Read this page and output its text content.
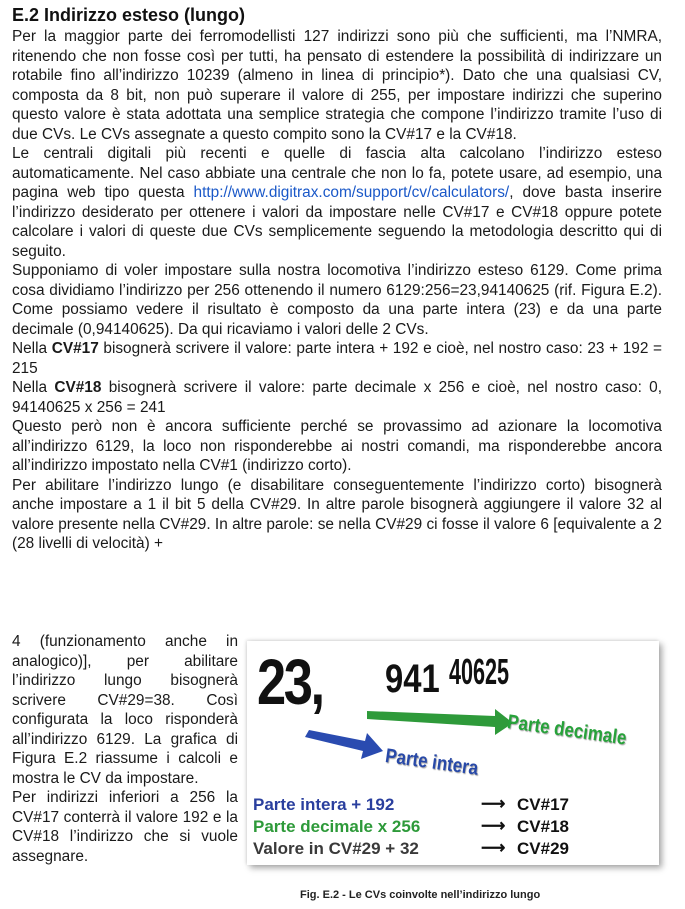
E.2 Indirizzo esteso (lungo)

Per la maggior parte dei ferromodellisti 127 indirizzi sono più che sufficienti, ma l’NMRA, ritenendo che non fosse così per tutti, ha pensato di estendere la possibilità di indirizzare un rotabile fino all’indirizzo 10239 (almeno in linea di principio*). Dato che una qualsiasi CV, composta da 8 bit, non può superare il valore di 255, per impostare indirizzi che superino questo valore è stata adottata una semplice strategia che compone l’indirizzo tramite l’uso di due CVs. Le CVs assegnate a questo compito sono la CV#17 e la CV#18.

Le centrali digitali più recenti e quelle di fascia alta calcolano l’indirizzo esteso automaticamente. Nel caso abbiate una centrale che non lo fa, potete usare, ad esempio, una pagina web tipo questa http://www.digitrax.com/support/cv/calculators/, dove basta inserire l’indirizzo desiderato per ottenere i valori da impostare nelle CV#17 e CV#18 oppure potete calcolare i valori di queste due CVs semplicemente seguendo la metodologia descritto qui di seguito.

Supponiamo di voler impostare sulla nostra locomotiva l’indirizzo esteso 6129. Come prima cosa dividiamo l’indirizzo per 256 ottenendo il numero 6129:256=23,94140625 (rif. Figura E.2). Come possiamo vedere il risultato è composto da una parte intera (23) e da una parte decimale (0,94140625). Da qui ricaviamo i valori delle 2 CVs.

Nella CV#17 bisognerà scrivere il valore: parte intera + 192 e cioè, nel nostro caso: 23 + 192 = 215

Nella CV#18 bisognerà scrivere il valore: parte decimale x 256 e cioè, nel nostro caso: 0, 94140625 x 256 = 241

Questo però non è ancora sufficiente perché se provassimo ad azionare la locomotiva all’indirizzo 6129, la loco non risponderebbe ai nostri comandi, ma risponderebbe ancora all’indirizzo impostato nella CV#1 (indirizzo corto).

Per abilitare l’indirizzo lungo (e disabilitare conseguentemente l’indirizzo corto) bisognerà anche impostare a 1 il bit 5 della CV#29. In altre parole bisognerà aggiungere il valore 32 al valore presente nella CV#29. In altre parole: se nella CV#29 ci fosse il valore 6 [equivalente a 2 (28 livelli di velocità) +

4 (funzionamento anche in analogico)], per abilitare l’indirizzo lungo bisognerà scrivere CV#29=38. Così configurata la loco risponderà all’indirizzo 6129. La grafica di Figura E.2 riassume i calcoli e mostra le CV da impostare.

Per indirizzi inferiori a 256 la CV#17 conterrà il valore 192 e la CV#18 l’indirizzo che si vuole assegnare.

23, 941 40625
Parte decimale
Parte intera
Parte intera + 192	⟶ CV#17
Parte decimale x 256	⟶ CV#18
Valore in CV#29 + 32	⟶ CV#29
Fig. E.2 - Le CVs coinvolte nell’indirizzo lungo
